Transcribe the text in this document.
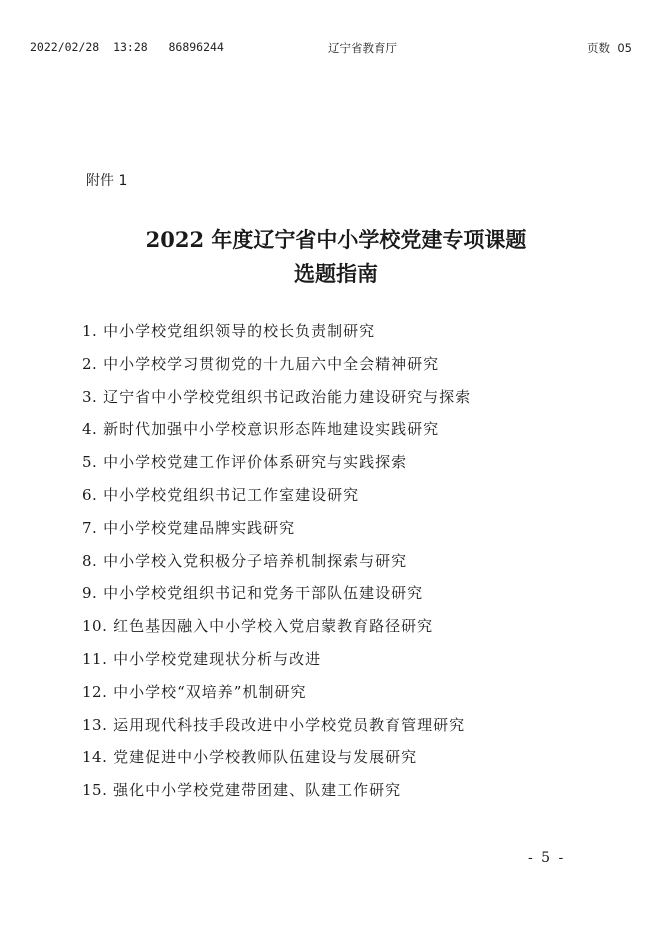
2022/02/28  13:28 86896244	辽宁省教育厅	页数 05
附件 1
2022 年度辽宁省中小学校党建专项课题
选题指南
1. 中小学校党组织领导的校长负责制研究
2. 中小学校学习贯彻党的十九届六中全会精神研究
3. 辽宁省中小学校党组织书记政治能力建设研究与探索
4. 新时代加强中小学校意识形态阵地建设实践研究
5. 中小学校党建工作评价体系研究与实践探索
6. 中小学校党组织书记工作室建设研究
7. 中小学校党建品牌实践研究
8. 中小学校入党积极分子培养机制探索与研究
9. 中小学校党组织书记和党务干部队伍建设研究
10. 红色基因融入中小学校入党启蒙教育路径研究
11. 中小学校党建现状分析与改进
12. 中小学校“双培养”机制研究
13. 运用现代科技手段改进中小学校党员教育管理研究
14. 党建促进中小学校教师队伍建设与发展研究
15. 强化中小学校党建带团建、队建工作研究
- 5 -
